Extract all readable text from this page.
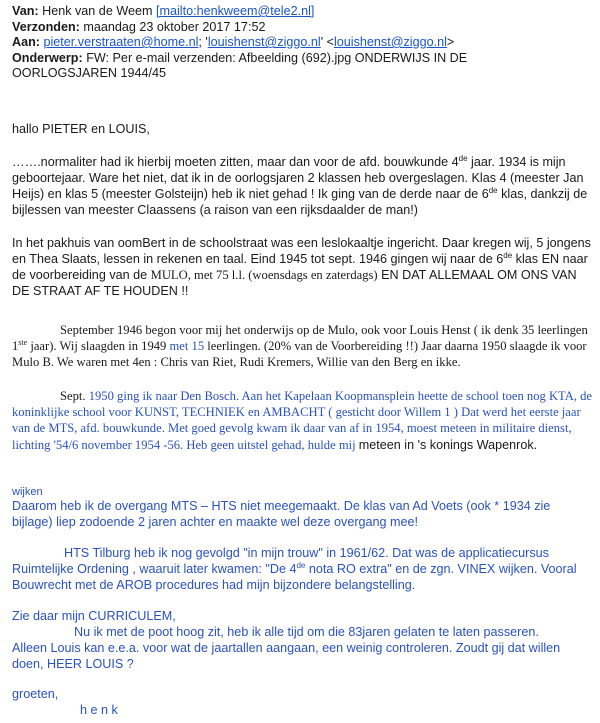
Van: Henk van de Weem [mailto:henkweem@tele2.nl]
Verzonden: maandag 23 oktober 2017 17:52
Aan: pieter.verstraaten@home.nl; 'louishenst@ziggo.nl' <louishenst@ziggo.nl>
Onderwerp: FW: Per e-mail verzenden: Afbeelding (692).jpg ONDERWIJS IN DE
OORLOGSJAREN 1944/45

hallo PIETER en LOUIS,

…….normaliter had ik hierbij moeten zitten, maar dan voor de afd. bouwkunde 4de jaar. 1934 is mijn geboortejaar. Ware het niet, dat ik in de oorlogsjaren 2 klassen heb overgeslagen. Klas 4 (meester Jan Heijs) en klas 5 (meester Golsteijn) heb ik niet gehad ! Ik ging van de derde naar de 6de klas, dankzij de bijlessen van meester Claassens (a raison van een rijksdaalder de man!)

In het pakhuis van oomBert in de schoolstraat was een leslokaaltje ingericht. Daar kregen wij, 5 jongens en Thea Slaats, lessen in rekenen en taal. Eind 1945 tot sept. 1946 gingen wij naar de 6de klas EN naar de voorbereiding van de MULO, met 75 l.l. (woensdags en zaterdags) EN DAT ALLEMAAL OM ONS VAN DE STRAAT AF TE HOUDEN !!

September 1946 begon voor mij het onderwijs op de Mulo, ook voor Louis Henst ( ik denk 35 leerlingen 1ste jaar). Wij slaagden in 1949 met 15 leerlingen. (20% van de Voorbereiding !!) Jaar daarna 1950 slaagde ik voor Mulo B. We waren met 4en : Chris van Riet, Rudi Kremers, Willie van den Berg en ikke.

Sept. 1950 ging ik naar Den Bosch. Aan het Kapelaan Koopmansplein heette de school toen nog KTA, de koninklijke school voor KUNST, TECHNIEK en AMBACHT ( gesticht door Willem 1 ) Dat werd het eerste jaar van de MTS, afd. bouwkunde. Met goed gevolg kwam ik daar van af in 1954, moest meteen in militaire dienst, lichting '54/6 november 1954 -56. Heb geen uitstel gehad, hulde mij meteen in 's konings Wapenrok.

wijken

Daarom heb ik de overgang MTS – HTS niet meegemaakt. De klas van Ad Voets (ook * 1934 zie bijlage) liep zodoende 2 jaren achter en maakte wel deze overgang mee!

HTS Tilburg heb ik nog gevolgd "in mijn trouw" in 1961/62. Dat was de applicatiecursus Ruimtelijke Ordening , waaruit later kwamen: "De 4de nota RO extra" en de zgn. VINEX wijken. Vooral Bouwrecht met de AROB procedures had mijn bijzondere belangstelling.

Zie daar mijn CURRICULEM,
Nu ik met de poot hoog zit, heb ik alle tijd om die 83jaren gelaten te laten passeren.
Alleen Louis kan e.e.a. voor wat de jaartallen aangaan, een weinig controleren. Zoudt gij dat willen doen, HEER LOUIS ?

groeten,

h e n k
